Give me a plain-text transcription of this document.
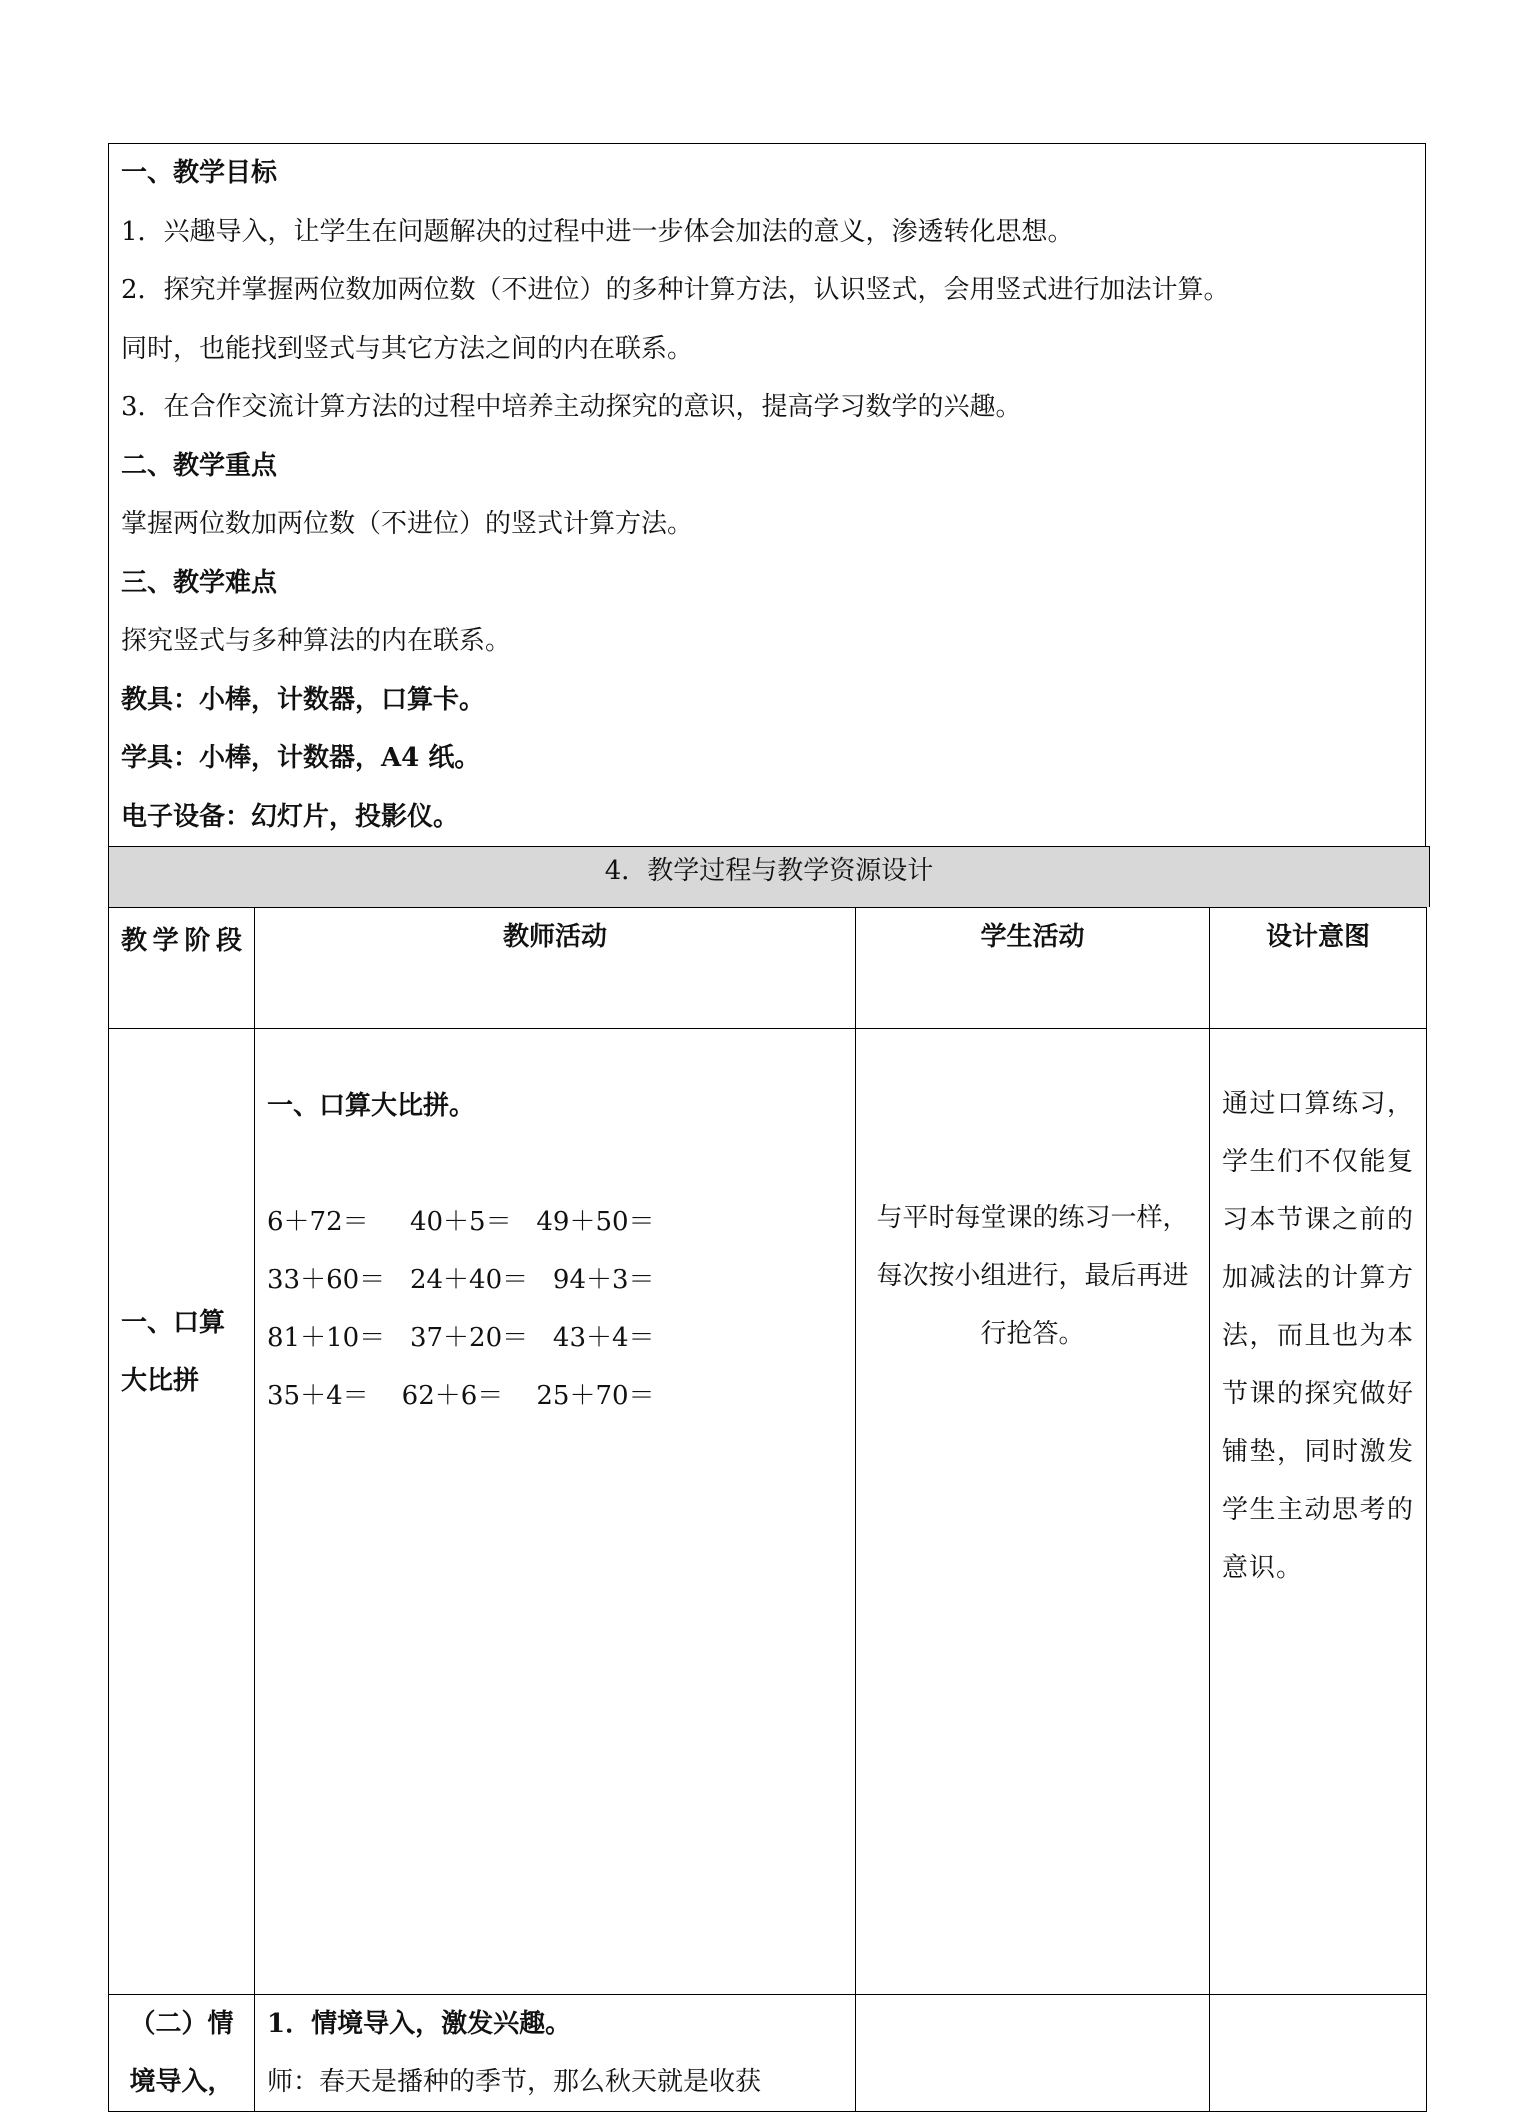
一、教学目标
1．兴趣导入，让学生在问题解决的过程中进一步体会加法的意义，渗透转化思想。
2．探究并掌握两位数加两位数（不进位）的多种计算方法，认识竖式，会用竖式进行加法计算。
同时，也能找到竖式与其它方法之间的内在联系。
3．在合作交流计算方法的过程中培养主动探究的意识，提高学习数学的兴趣。
二、教学重点
掌握两位数加两位数（不进位）的竖式计算方法。
三、教学难点
探究竖式与多种算法的内在联系。
教具：小棒，计数器，口算卡。
学具：小棒，计数器，A4 纸。
电子设备：幻灯片，投影仪。
4．教学过程与教学资源设计
教学阶段	教师活动	学生活动	设计意图
一、口算大比拼	一、口算大比拼。
6＋72＝     40＋5＝   49＋50＝
33＋60＝   24＋40＝   94＋3＝
81＋10＝   37＋20＝   43＋4＝
35＋4＝    62＋6＝    25＋70＝	与平时每堂课的练习一样，每次按小组进行，最后再进行抢答。	通过口算练习，学生们不仅能复习本节课之前的加减法的计算方法，而且也为本节课的探究做好铺垫，同时激发学生主动思考的意识。
（二）情境导入，	1．情境导入，激发兴趣。
师：春天是播种的季节，那么秋天就是收获		
